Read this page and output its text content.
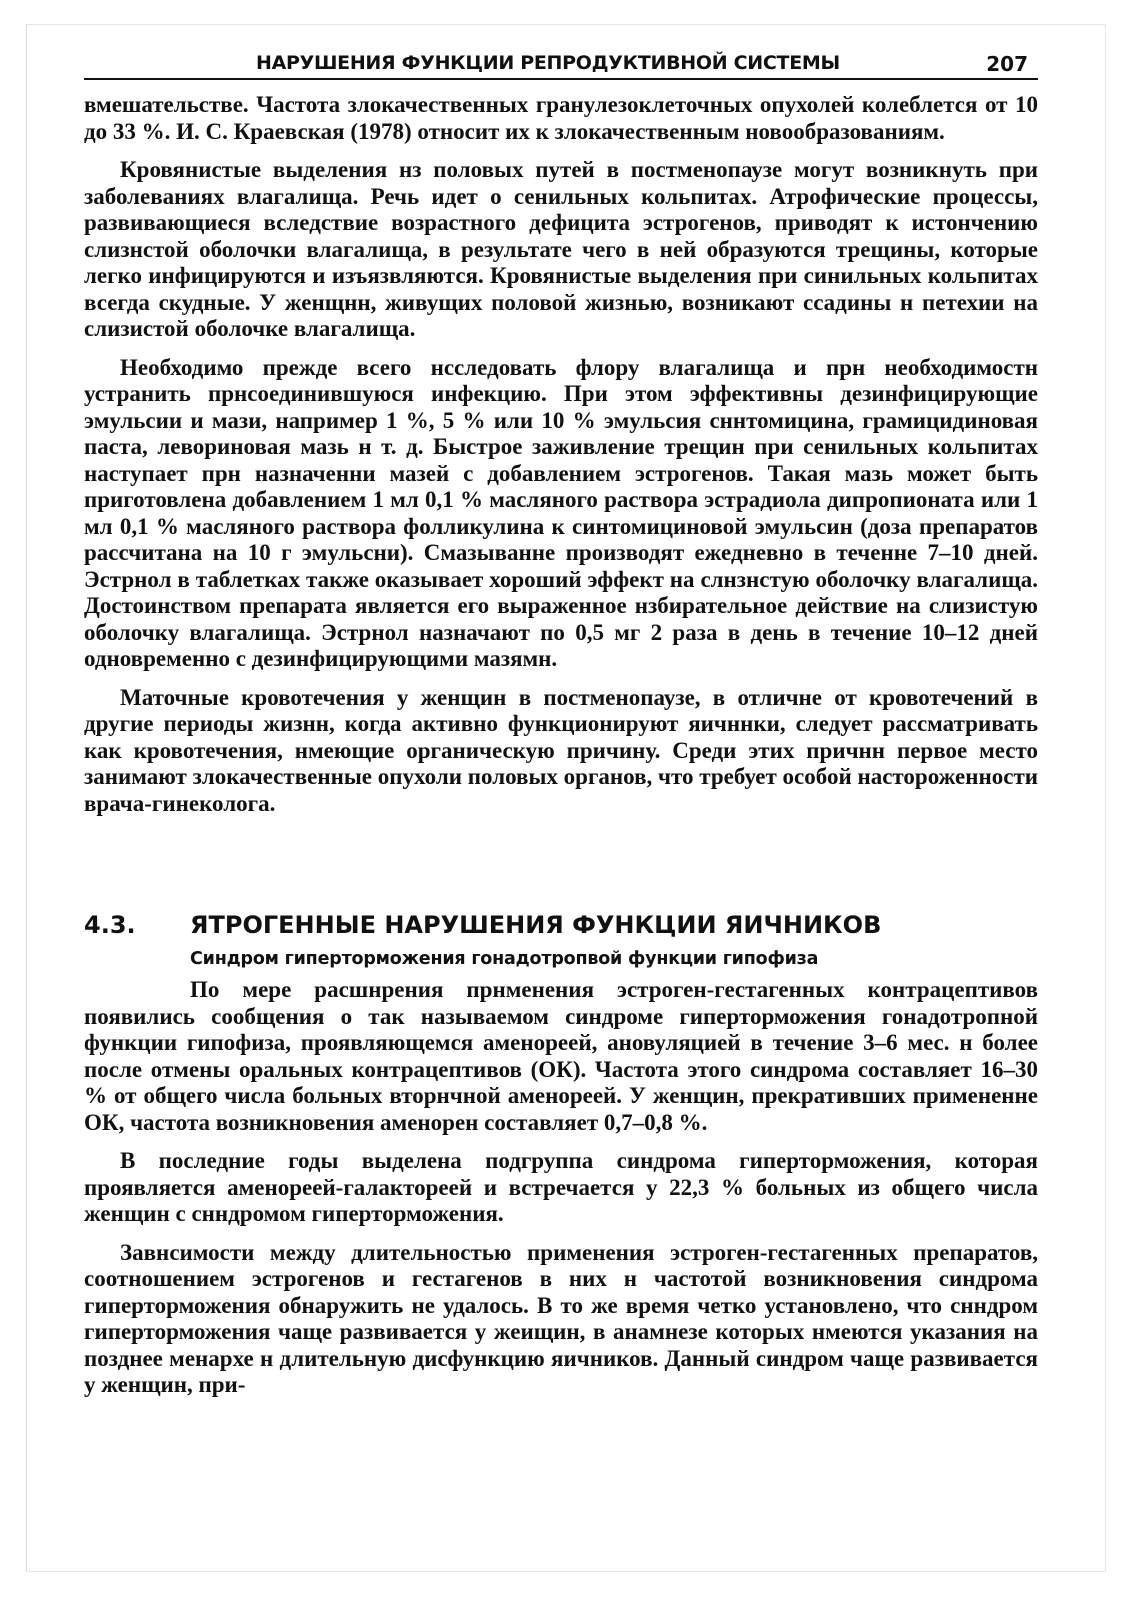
НАРУШЕНИЯ ФУНКЦИИ РЕПРОДУКТИВНОЙ СИСТЕМЫ	207

вмешательстве. Частота злокачественных гранулезоклеточных опухолей колеблется от 10 до 33 %. И. С. Краевская (1978) относит их к злокачественным новообразованиям.

Кровянистые выделения нз половых путей в постменопаузе могут возникнуть при заболеваниях влагалища. Речь идет о сенильных кольпитах. Атрофические процессы, развивающиеся вследствие возрастного дефицита эстрогенов, приводят к истончению слизнстой оболочки влагалища, в результате чего в ней образуются трещины, которые легко инфицируются и изъязвляются. Кровянистые выделения при синильных кольпитах всегда скудные. У женщнн, живущих половой жизнью, возникают ссадины н петехии на слизистой оболочке влагалища.

Необходимо прежде всего нсследовать флору влагалища и прн необходимостн устранить прнсоединившуюся инфекцию. При этом эффективны дезинфицирующие эмульсии и мази, например 1 %, 5 % или 10 % эмульсия сннтомицина, грамицидиновая паста, левориновая мазь н т. д. Быстрое заживление трещин при сенильных кольпитах наступает прн назначенни мазей с добавлением эстрогенов. Такая мазь может быть приготовлена добавлением 1 мл 0,1 % масляного раствора эстрадиола дипропионата или 1 мл 0,1 % масляного раствора фолликулина к синтомициновой эмульсин (доза препаратов рассчитана на 10 г эмульсни). Смазыванне производят ежедневно в теченне 7–10 дней. Эстрнол в таблетках также оказывает хороший эффект на слнзнстую оболочку влагалища. Достоинством препарата является его выраженное нзбирательное действие на слизистую оболочку влагалища. Эстрнол назначают по 0,5 мг 2 раза в день в течение 10–12 дней одновременно с дезинфицирующими мазямн.

Маточные кровотечения у женщин в постменопаузе, в отличне от кровотечений в другие периоды жизнн, когда активно функционируют яичннки, следует рассматривать как кровотечения, нмеющие органическую причину. Среди этих причнн первое место занимают злокачественные опухоли половых органов, что требует особой настороженности врача-гинеколога.

4.3.	ЯТРОГЕННЫЕ НАРУШЕНИЯ ФУНКЦИИ ЯИЧНИКОВ
Синдром гиперторможения гонадотропвой функции гипофиза

По мере расшнрения прнменения эстроген-гестагенных контрацептивов появились сообщения о так называемом синдроме гиперторможения гонадотропной функции гипофиза, проявляющемся аменореей, ановуляцией в течение 3–6 мес. н более после отмены оральных контрацептивов (ОК). Частота этого синдрома составляет 16–30 % от общего числа больных вторнчной аменореей. У женщин, прекративших примененне ОК, частота возникновения аменорен составляет 0,7–0,8 %.

В последние годы выделена подгруппа синдрома гиперторможения, которая проявляется аменореей-галактореей и встречается у 22,3 % больных из общего числа женщин с снндромом гиперторможения.

Завнсимости между длительностью применения эстроген-гестагенных препаратов, соотношением эстрогенов и гестагенов в них н частотой возникновения синдрома гиперторможения обнаружить не удалось. В то же время четко установлено, что снндром гиперторможения чаще развивается у жеищин, в анамнезе которых нмеются указания на позднее менархе н длительную дисфункцию яичников. Данный синдром чаще развивается у женщин, при-
